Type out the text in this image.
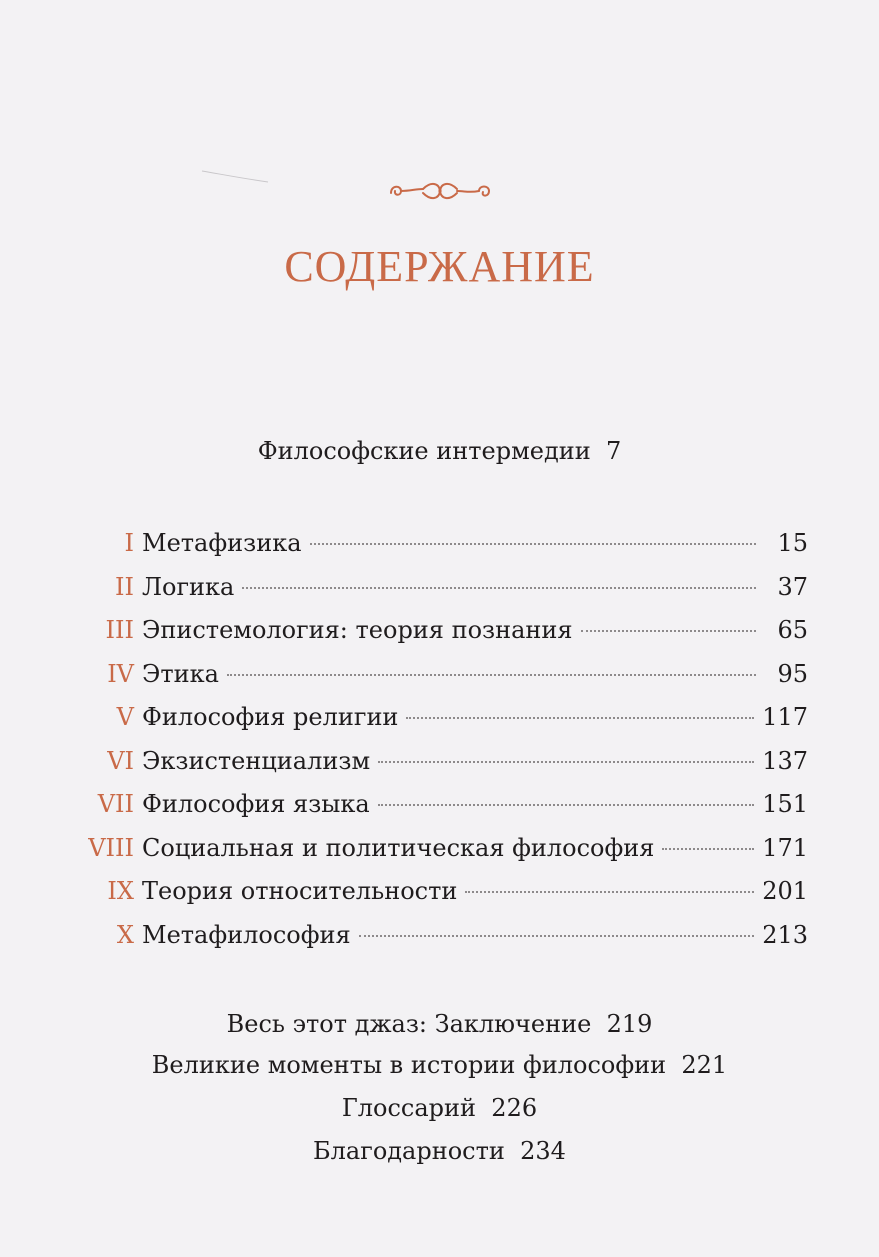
СОДЕРЖАНИЕ
Философские интермедии 7
I Метафизика	15
II Логика	37
III Эпистемология: теория познания	65
IV Этика	95
V Философия религии	117
VI Экзистенциализм	137
VII Философия языка	151
VIII Социальная и политическая философия	171
IX Теория относительности	201
X Метафилософия	213
Весь этот джаз: Заключение 219
Великие моменты в истории философии 221
Глоссарий 226
Благодарности 234
